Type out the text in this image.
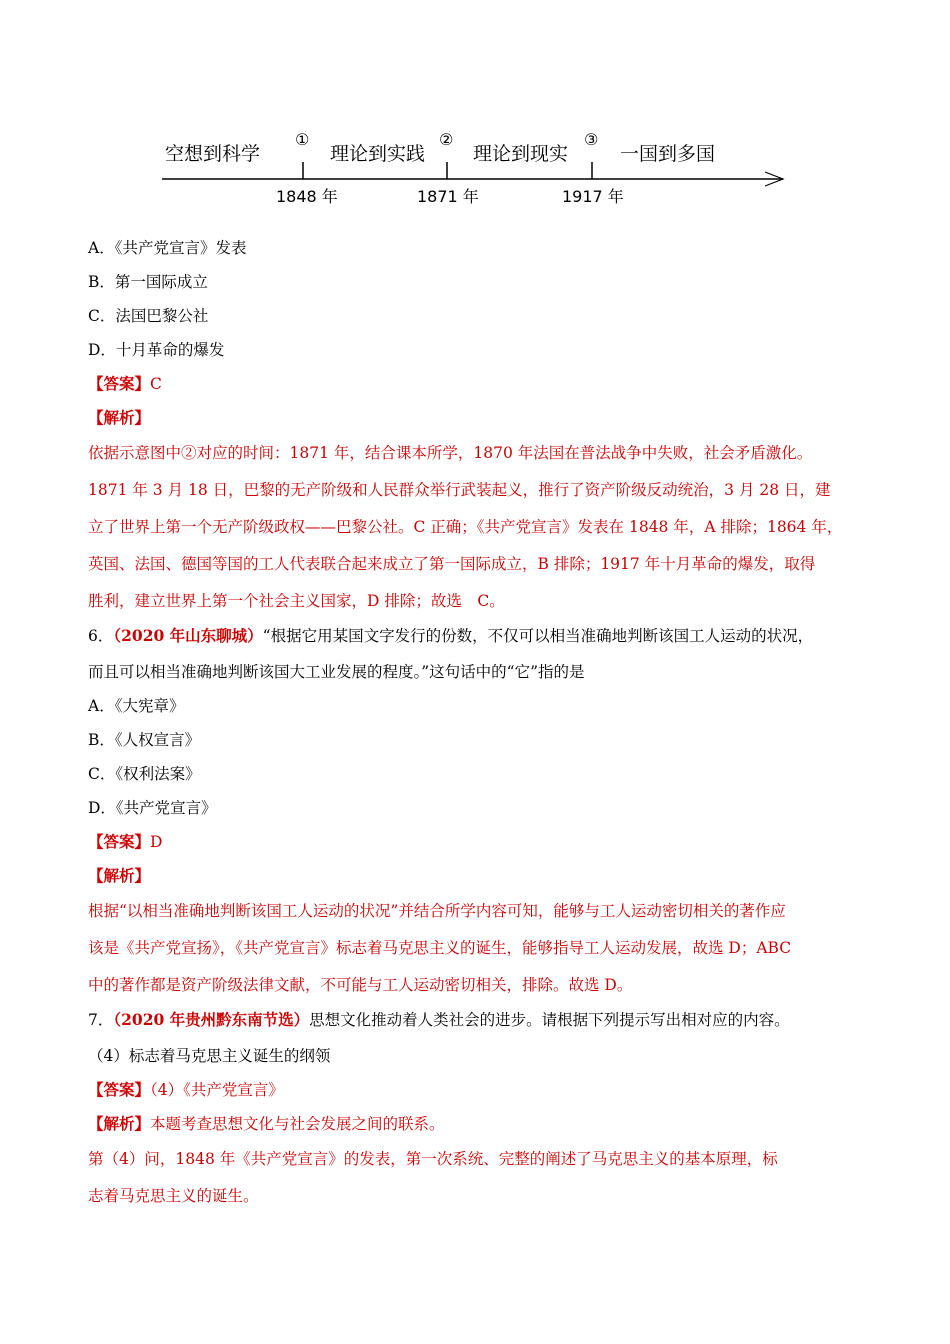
空想到科学	理论到实践	理论到现实	一国到多国
①	②	③
1848 年	1871 年	1917 年
A．《共产党宣言》发表
B．第一国际成立
C．法国巴黎公社
D．十月革命的爆发
【答案】C
【解析】
依据示意图中②对应的时间：1871 年，结合课本所学，1870 年法国在普法战争中失败，社会矛盾激化。
1871 年 3 月 18 日，巴黎的无产阶级和人民群众举行武装起义，推行了资产阶级反动统治，3 月 28 日，建
立了世界上第一个无产阶级政权——巴黎公社。C 正确；《共产党宣言》发表在 1848 年，A 排除；1864 年，
英国、法国、德国等国的工人代表联合起来成立了第一国际成立，B 排除；1917 年十月革命的爆发，取得
胜利，建立世界上第一个社会主义国家，D 排除；故选　C。
6．（2020 年山东聊城）“根据它用某国文字发行的份数，不仅可以相当准确地判断该国工人运动的状况，
而且可以相当准确地判断该国大工业发展的程度。”这句话中的“它”指的是
A．《大宪章》
B．《人权宣言》
C．《权利法案》
D．《共产党宣言》
【答案】D
【解析】
根据“以相当准确地判断该国工人运动的状况”并结合所学内容可知，能够与工人运动密切相关的著作应
该是《共产党宣扬》，《共产党宣言》标志着马克思主义的诞生，能够指导工人运动发展，故选 D；ABC
中的著作都是资产阶级法律文献，不可能与工人运动密切相关，排除。故选 D。
7．（2020 年贵州黔东南节选）思想文化推动着人类社会的进步。请根据下列提示写出相对应的内容。
（4）标志着马克思主义诞生的纲领
【答案】（4）《共产党宣言》
【解析】本题考查思想文化与社会发展之间的联系。
第（4）问，1848 年《共产党宣言》的发表，第一次系统、完整的阐述了马克思主义的基本原理，标
志着马克思主义的诞生。
